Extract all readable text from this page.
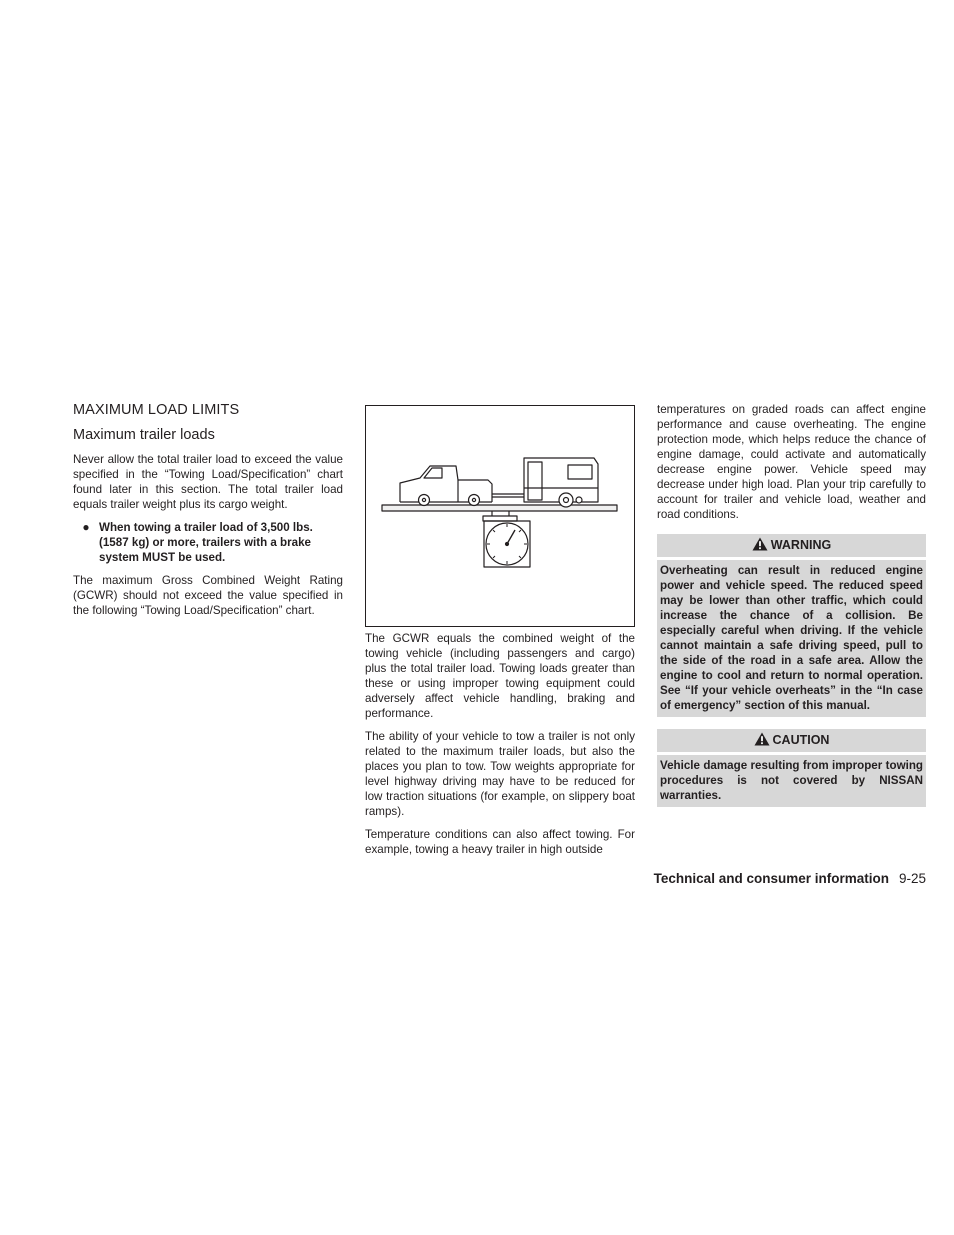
MAXIMUM LOAD LIMITS

Maximum trailer loads

Never allow the total trailer load to exceed the value specified in the “Towing Load/Specification” chart found later in this section. The total trailer load equals trailer weight plus its cargo weight.

● When towing a trailer load of 3,500 lbs. (1587 kg) or more, trailers with a brake system MUST be used.

The maximum Gross Combined Weight Rating (GCWR) should not exceed the value specified in the following “Towing Load/Specification” chart.

The GCWR equals the combined weight of the towing vehicle (including passengers and cargo) plus the total trailer load. Towing loads greater than these or using improper towing equipment could adversely affect vehicle handling, braking and performance.

The ability of your vehicle to tow a trailer is not only related to the maximum trailer loads, but also the places you plan to tow. Tow weights appropriate for level highway driving may have to be reduced for low traction situations (for example, on slippery boat ramps).

Temperature conditions can also affect towing. For example, towing a heavy trailer in high outside

temperatures on graded roads can affect engine performance and cause overheating. The engine protection mode, which helps reduce the chance of engine damage, could activate and automatically decrease engine power. Vehicle speed may decrease under high load. Plan your trip carefully to account for trailer and vehicle load, weather and road conditions.

WARNING
Overheating can result in reduced engine power and vehicle speed. The reduced speed may be lower than other traffic, which could increase the chance of a collision. Be especially careful when driving. If the vehicle cannot maintain a safe driving speed, pull to the side of the road in a safe area. Allow the engine to cool and return to normal operation. See “If your vehicle overheats” in the “In case of emergency” section of this manual.
CAUTION
Vehicle damage resulting from improper towing procedures is not covered by NISSAN warranties.
Technical and consumer information 9-25
